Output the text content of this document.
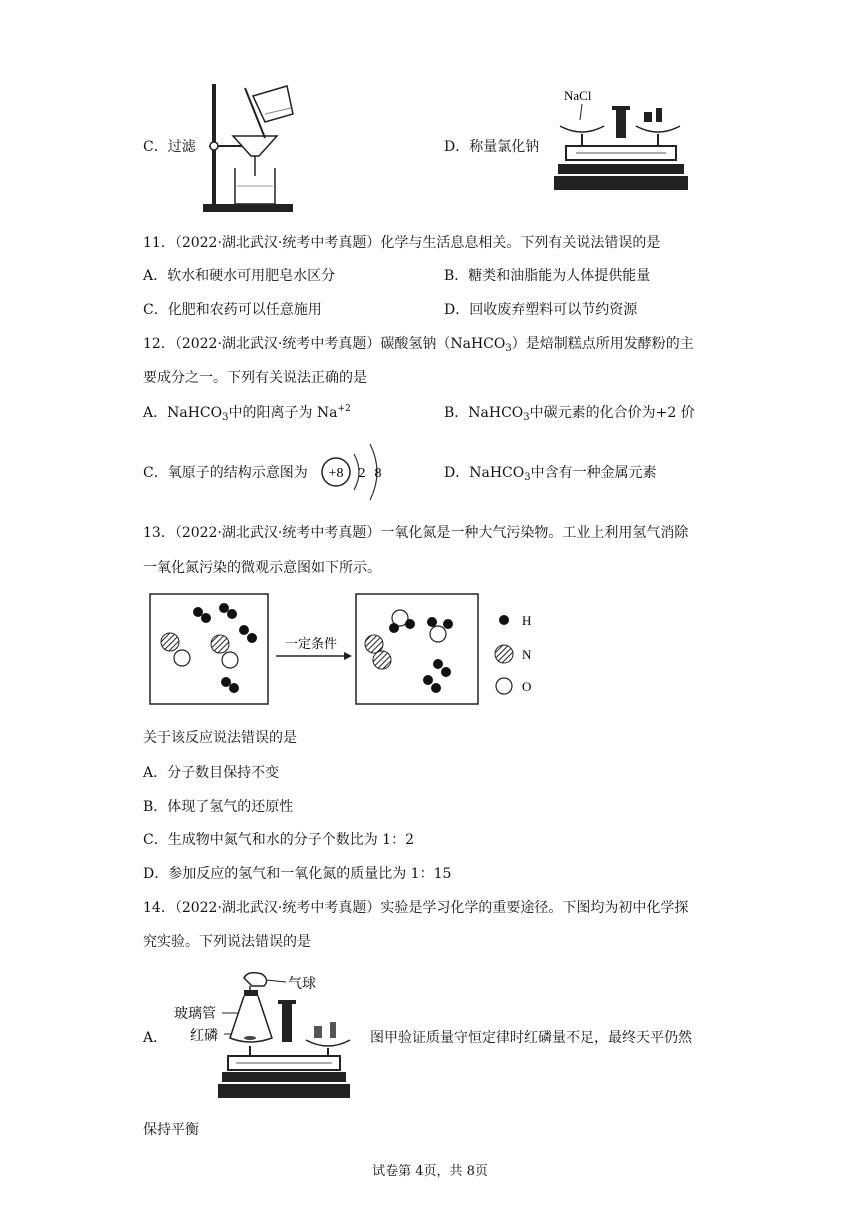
C．过滤	D．称量氯化钠
NaCl
11．（2022·湖北武汉·统考中考真题）化学与生活息息相关。下列有关说法错误的是
A．软水和硬水可用肥皂水区分	B．糖类和油脂能为人体提供能量
C．化肥和农药可以任意施用	D．回收废弃塑料可以节约资源
12．（2022·湖北武汉·统考中考真题）碳酸氢钠（NaHCO$_3$）是焙制糕点所用发酵粉的主
要成分之一。下列有关说法正确的是
A．NaHCO$_3$中的阳离子为 $Na^{+2}$	B．NaHCO$_3$中碳元素的化合价为+2 价
C．氧原子的结构示意图为 +8 2 8	D．NaHCO$_3$中含有一种金属元素
13．（2022·湖北武汉·统考中考真题）一氧化氮是一种大气污染物。工业上利用氢气消除
一氧化氮污染的微观示意图如下所示。
一定条件
H
N
O
关于该反应说法错误的是
A．分子数目保持不变
B．体现了氢气的还原性
C．生成物中氮气和水的分子个数比为 1：2
D．参加反应的氢气和一氧化氮的质量比为 1：15
14．（2022·湖北武汉·统考中考真题）实验是学习化学的重要途径。下图均为初中化学探
究实验。下列说法错误的是
A．
气球
玻璃管
红磷	图甲验证质量守恒定律时红磷量不足，最终天平仍然
保持平衡
试卷第 4页，共 8页
